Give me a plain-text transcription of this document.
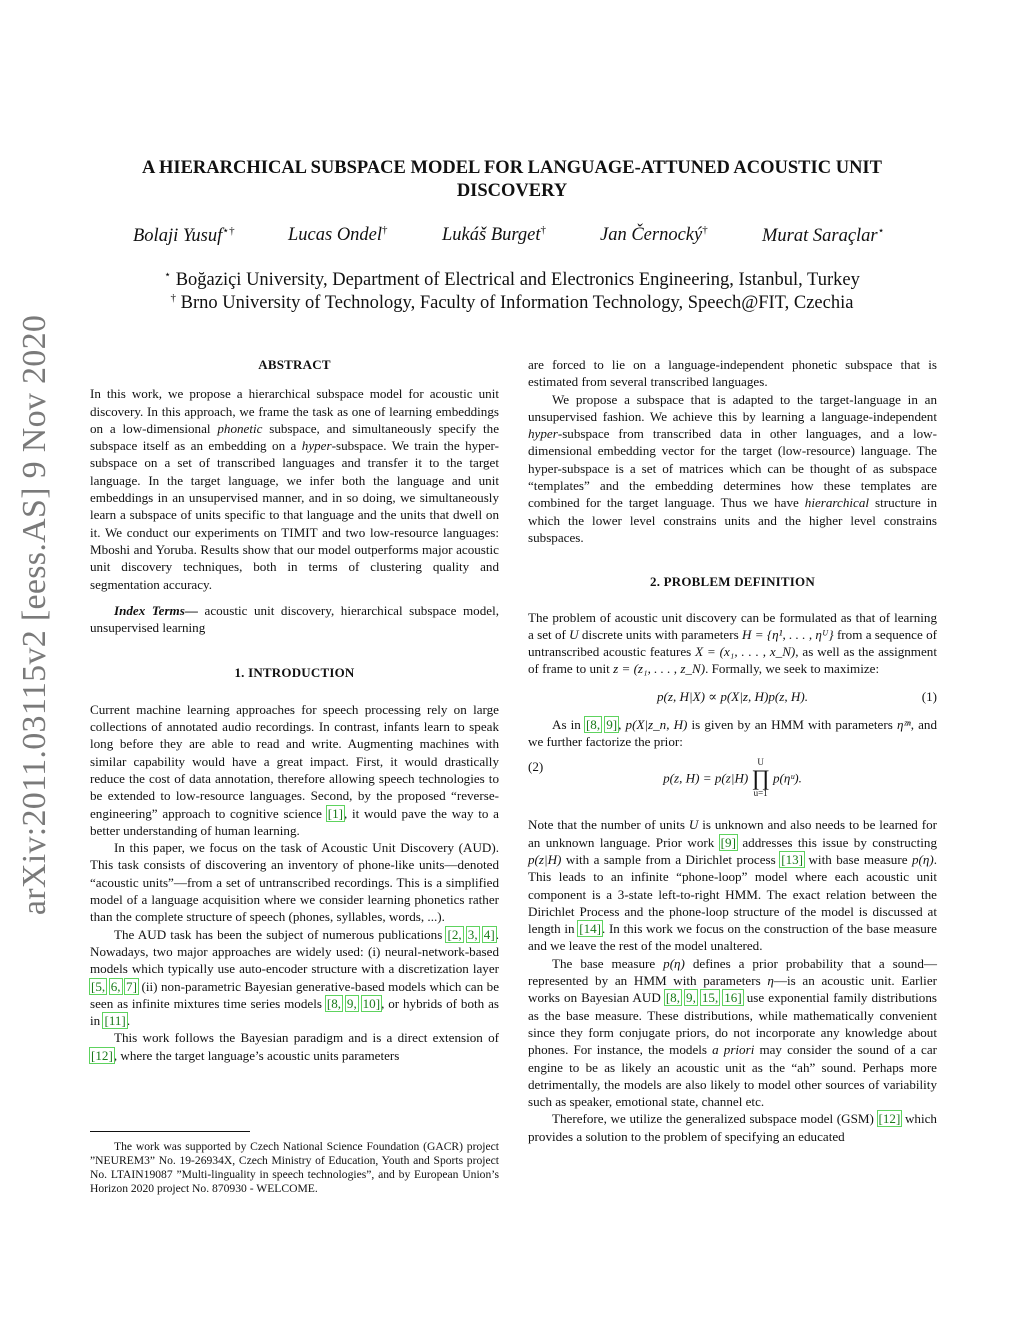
arXiv:2011.03115v2 [eess.AS] 9 Nov 2020
A HIERARCHICAL SUBSPACE MODEL FOR LANGUAGE-ATTUNED ACOUSTIC UNIT DISCOVERY
Bolaji Yusuf⋆†	Lucas Ondel†	Lukáš Burget†	Jan Černocký†	Murat Saraçlar⋆
⋆ Boğaziçi University, Department of Electrical and Electronics Engineering, Istanbul, Turkey
† Brno University of Technology, Faculty of Information Technology, Speech@FIT, Czechia
ABSTRACT

In this work, we propose a hierarchical subspace model for acoustic unit discovery. In this approach, we frame the task as one of learning embeddings on a low-dimensional phonetic subspace, and simultaneously specify the subspace itself as an embedding on a hyper-subspace. We train the hyper-subspace on a set of transcribed languages and transfer it to the target language. In the target language, we infer both the language and unit embeddings in an unsupervised manner, and in so doing, we simultaneously learn a subspace of units specific to that language and the units that dwell on it. We conduct our experiments on TIMIT and two low-resource languages: Mboshi and Yoruba. Results show that our model outperforms major acoustic unit discovery techniques, both in terms of clustering quality and segmentation accuracy.

Index Terms— acoustic unit discovery, hierarchical subspace model, unsupervised learning

1. INTRODUCTION

Current machine learning approaches for speech processing rely on large collections of annotated audio recordings. In contrast, infants learn to speak long before they are able to read and write. Augmenting machines with similar capability would have a great impact. First, it would drastically reduce the cost of data annotation, therefore allowing speech technologies to be extended to low-resource languages. Second, by the proposed “reverse-engineering” approach to cognitive science [1], it would pave the way to a better understanding of human learning.

In this paper, we focus on the task of Acoustic Unit Discovery (AUD). This task consists of discovering an inventory of phone-like units—denoted “acoustic units”—from a set of untranscribed recordings. This is a simplified model of a language acquisition where we consider learning phonetics rather than the complete structure of speech (phones, syllables, words, ...).

The AUD task has been the subject of numerous publications [2, 3, 4]. Nowadays, two major approaches are widely used: (i) neural-network-based models which typically use auto-encoder structure with a discretization layer [5, 6, 7] (ii) non-parametric Bayesian generative-based models which can be seen as infinite mixtures time series models [8, 9, 10], or hybrids of both as in [11].

This work follows the Bayesian paradigm and is a direct extension of [12], where the target language’s acoustic units parameters

The work was supported by Czech National Science Foundation (GACR) project ”NEUREM3” No. 19-26934X, Czech Ministry of Education, Youth and Sports project No. LTAIN19087 ”Multi-linguality in speech technologies”, and by European Union’s Horizon 2020 project No. 870930 - WELCOME.

are forced to lie on a language-independent phonetic subspace that is estimated from several transcribed languages.

We propose a subspace that is adapted to the target-language in an unsupervised fashion. We achieve this by learning a language-independent hyper-subspace from transcribed data in other languages, and a low-dimensional embedding vector for the target (low-resource) language. The hyper-subspace is a set of matrices which can be thought of as subspace “templates” and the embedding determines how these templates are combined for the target language. Thus we have hierarchical structure in which the lower level constrains units and the higher level constrains subspaces.

2. PROBLEM DEFINITION

The problem of acoustic unit discovery can be formulated as that of learning a set of U discrete units with parameters H = {η¹, . . . , ηᵁ} from a sequence of untranscribed acoustic features X = (x₁, . . . , x_N), as well as the assignment of frame to unit z = (z₁, . . . , z_N). Formally, we seek to maximize:

p(z, H|X) ∝ p(X|z, H)p(z, H).	(1)

As in [8, 9], p(X|z_n, H) is given by an HMM with parameters ηᶻⁿ, and we further factorize the prior:

p(z, H) = p(z|H)
U
∏
u=1
p(ηᵘ).
(2)

Note that the number of units U is unknown and also needs to be learned for an unknown language. Prior work [9] addresses this issue by constructing p(z|H) with a sample from a Dirichlet process [13] with base measure p(η). This leads to an infinite “phone-loop” model where each acoustic unit component is a 3-state left-to-right HMM. The exact relation between the Dirichlet Process and the phone-loop structure of the model is discussed at length in [14]. In this work we focus on the construction of the base measure and we leave the rest of the model unaltered.

The base measure p(η) defines a prior probability that a sound—represented by an HMM with parameters η—is an acoustic unit. Earlier works on Bayesian AUD [8, 9, 15, 16] use exponential family distributions as the base measure. These distributions, while mathematically convenient since they form conjugate priors, do not incorporate any knowledge about phones. For instance, the models a priori may consider the sound of a car engine to be as likely an acoustic unit as the “ah” sound. Perhaps more detrimentally, the models are also likely to model other sources of variability such as speaker, emotional state, channel etc.

Therefore, we utilize the generalized subspace model (GSM) [12] which provides a solution to the problem of specifying an educated
